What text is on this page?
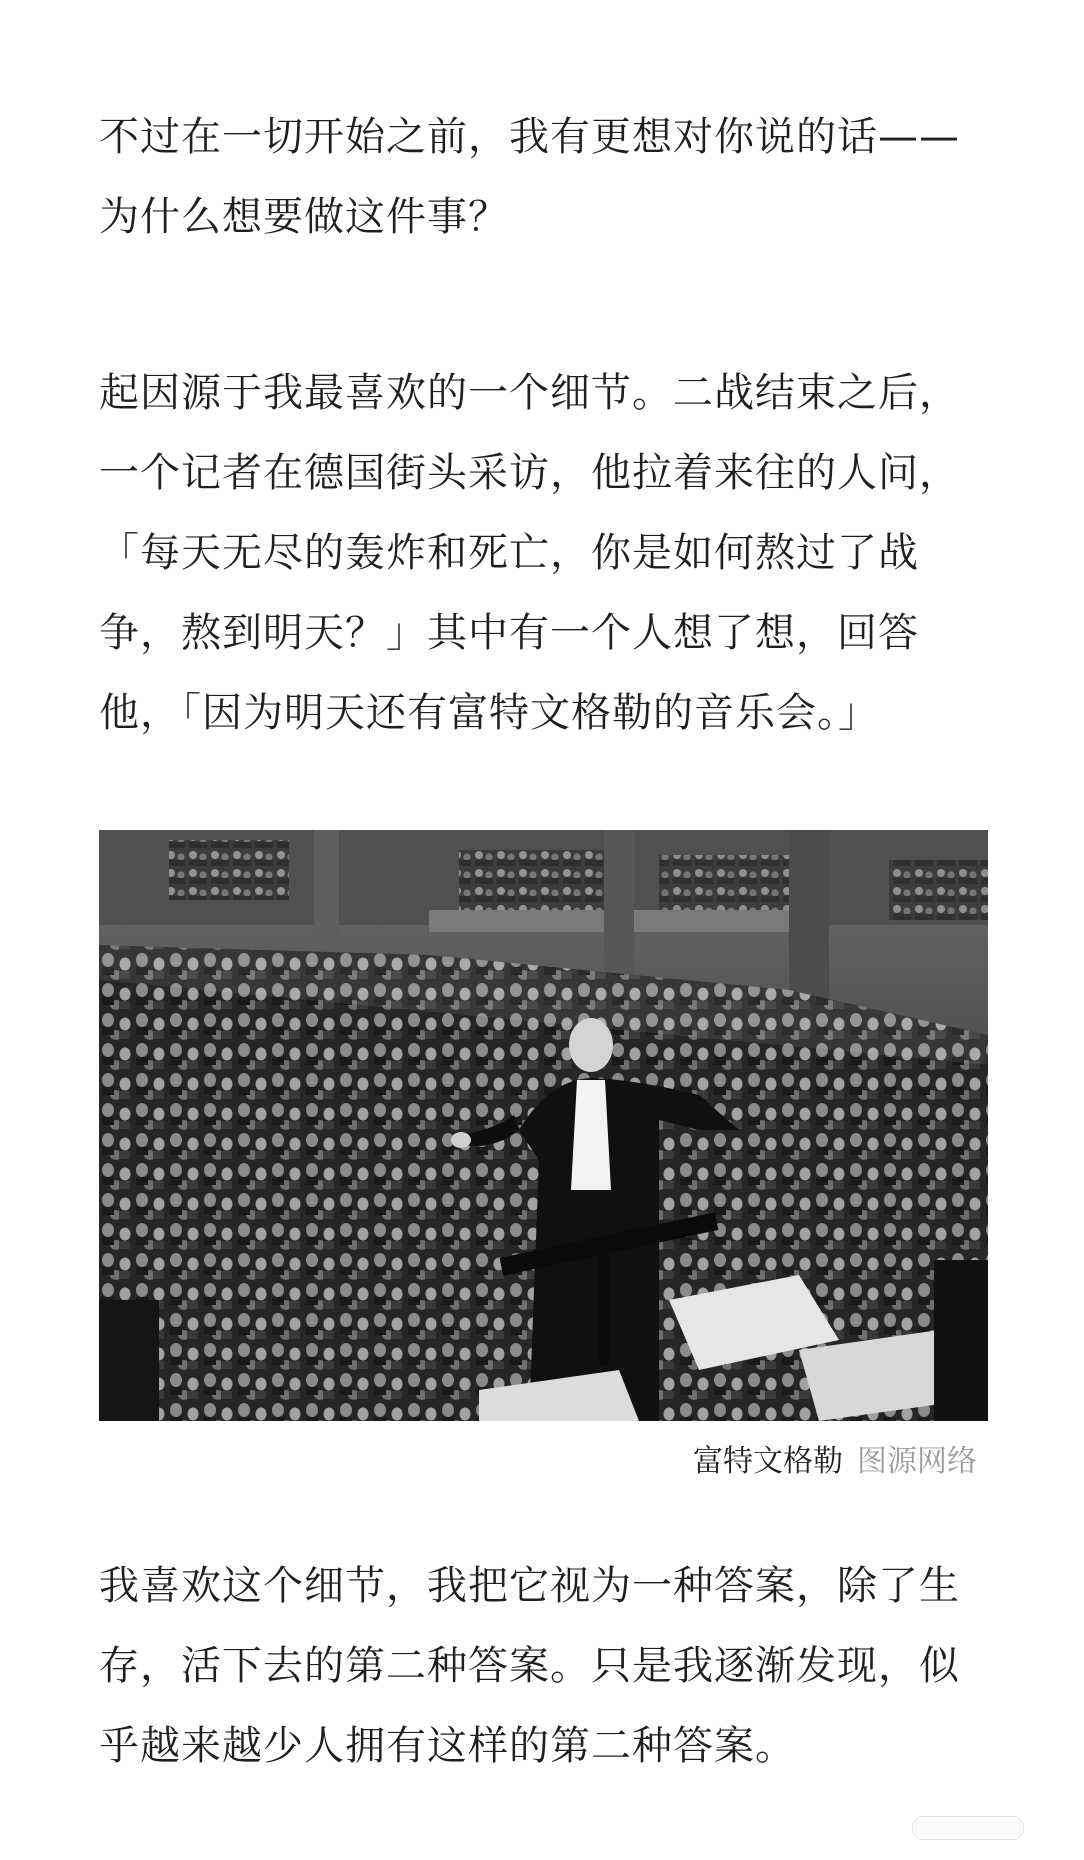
不过在一切开始之前，我有更想对你说的话——
为什么想要做这件事？

起因源于我最喜欢的一个细节。二战结束之后，
一个记者在德国街头采访，他拉着来往的人问，
「每天无尽的轰炸和死亡，你是如何熬过了战
争，熬到明天？」其中有一个人想了想，回答
他，「因为明天还有富特文格勒的音乐会。」

富特文格勒 图源网络

我喜欢这个细节，我把它视为一种答案，除了生
存，活下去的第二种答案。只是我逐渐发现，似
乎越来越少人拥有这样的第二种答案。
